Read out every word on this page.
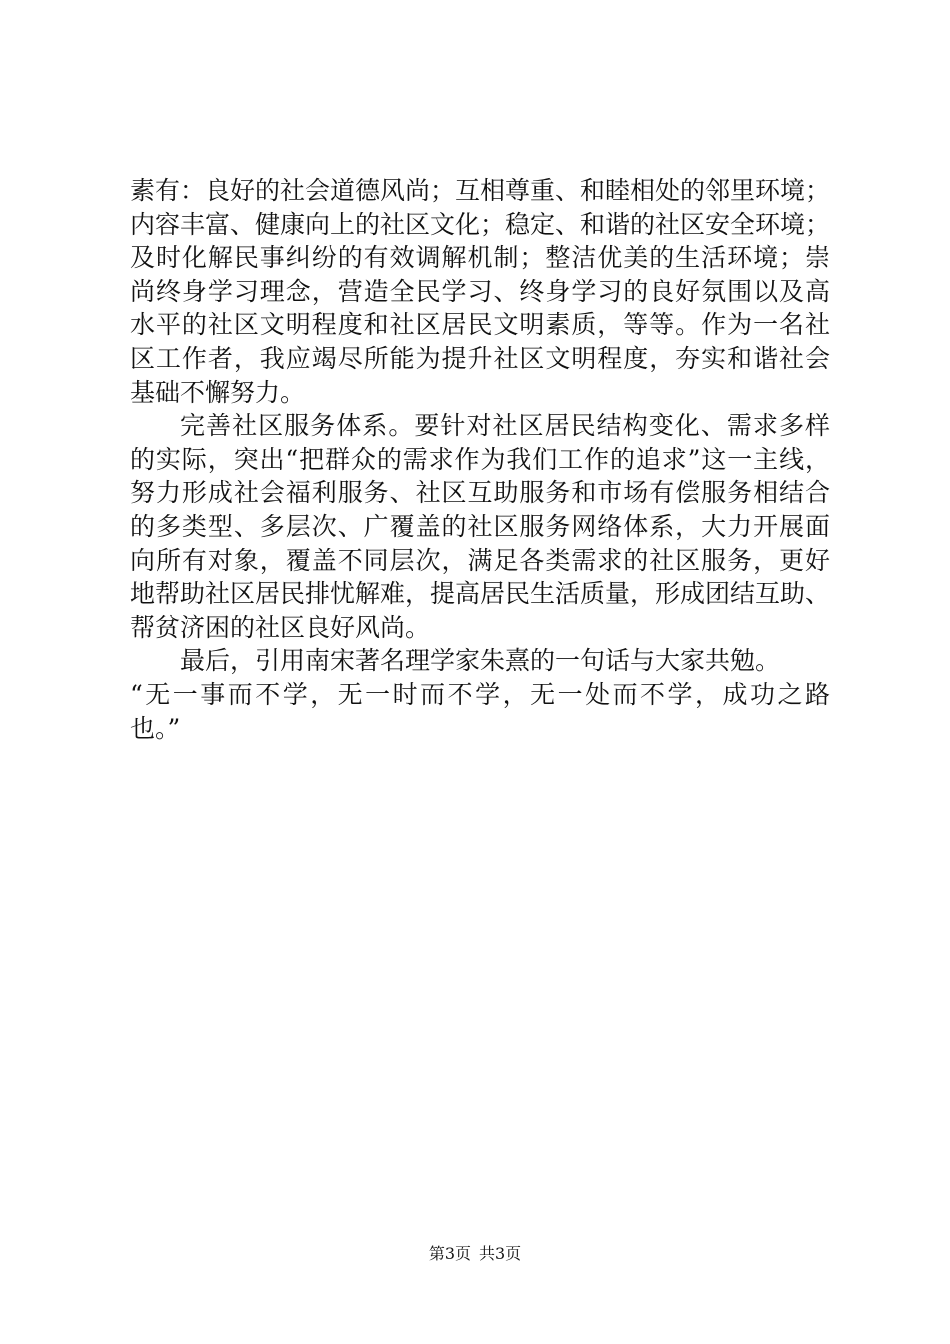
素有：良好的社会道德风尚；互相尊重、和睦相处的邻里环境；
内容丰富、健康向上的社区文化；稳定、和谐的社区安全环境；
及时化解民事纠纷的有效调解机制；整洁优美的生活环境；崇
尚终身学习理念，营造全民学习、终身学习的良好氛围以及高
水平的社区文明程度和社区居民文明素质，等等。作为一名社
区工作者，我应竭尽所能为提升社区文明程度，夯实和谐社会
基础不懈努力。
完善社区服务体系。要针对社区居民结构变化、需求多样
的实际，突出“把群众的需求作为我们工作的追求”这一主线，
努力形成社会福利服务、社区互助服务和市场有偿服务相结合
的多类型、多层次、广覆盖的社区服务网络体系，大力开展面
向所有对象，覆盖不同层次，满足各类需求的社区服务，更好
地帮助社区居民排忧解难，提高居民生活质量，形成团结互助、
帮贫济困的社区良好风尚。
最后，引用南宋著名理学家朱熹的一句话与大家共勉。
“无一事而不学，无一时而不学，无一处而不学，成功之路
也。”
第3页 共3页
